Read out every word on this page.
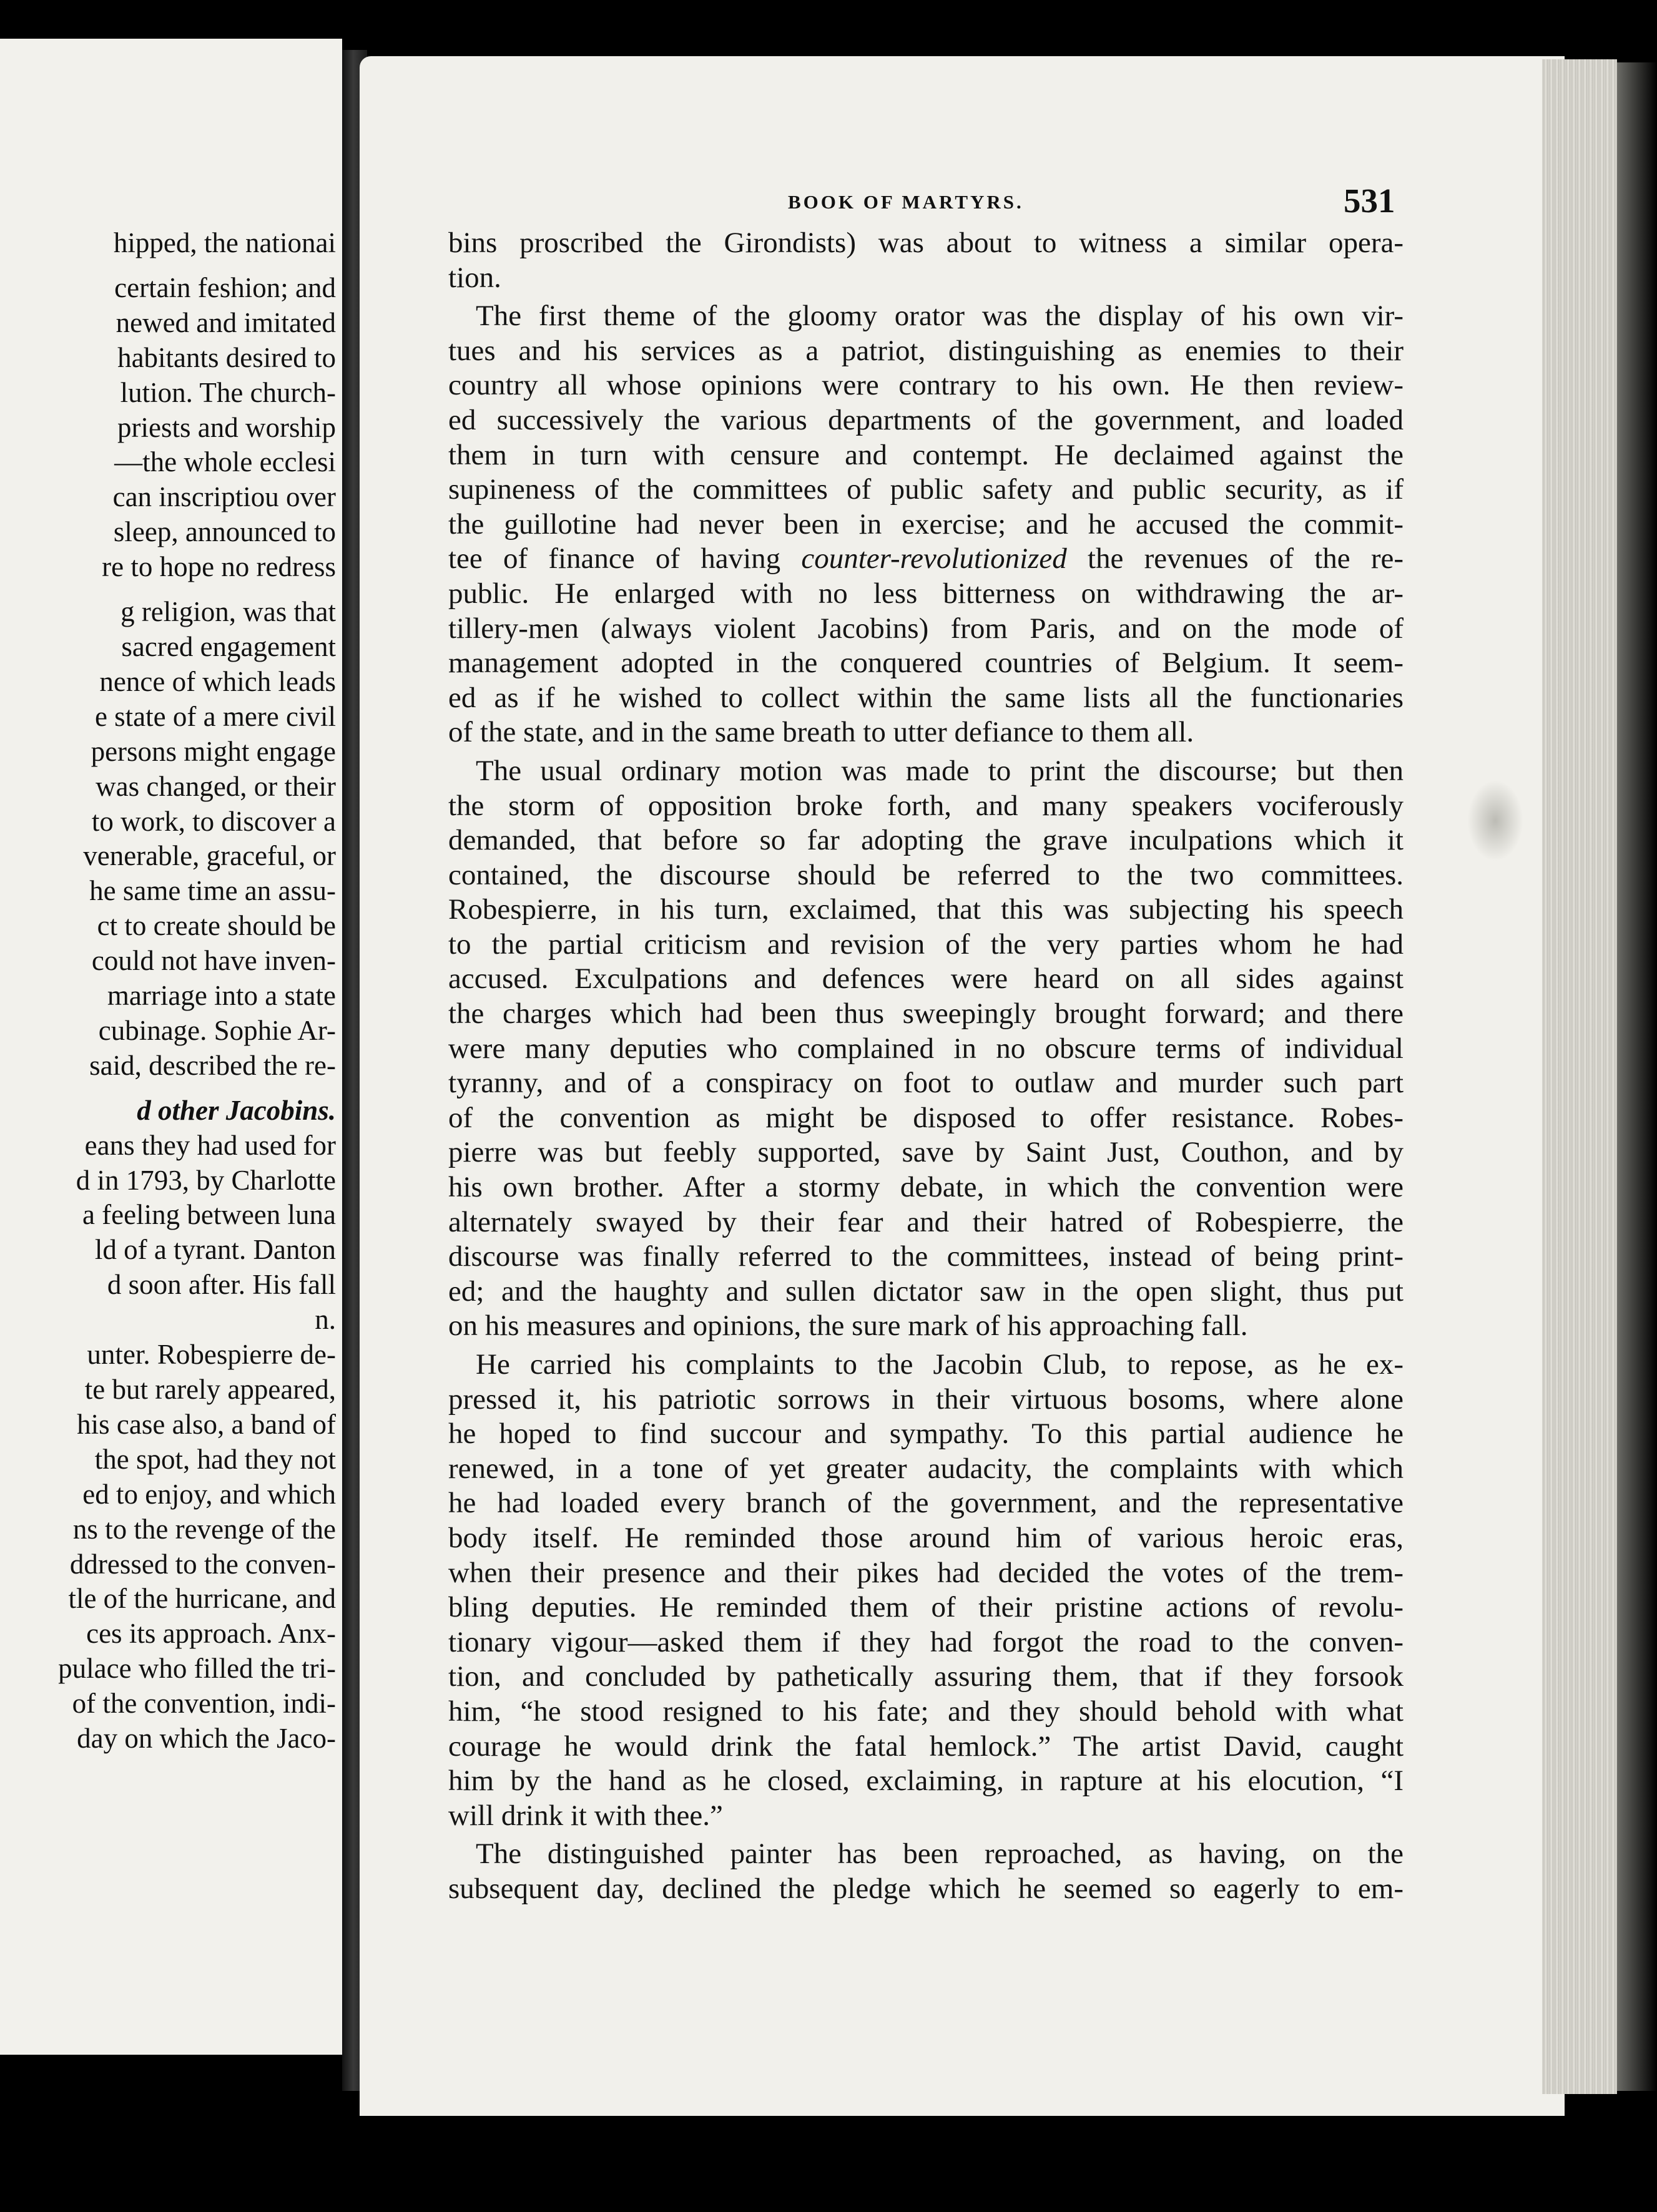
hipped, the nationai
certain feshion; and
newed and imitated
habitants desired to
lution. The church-
priests and worship
—the whole ecclesi
can inscriptiou over
sleep, announced to
re to hope no redress
g religion, was that
sacred engagement
nence of which leads
e state of a mere civil
persons might engage
was changed, or their
to work, to discover a
venerable, graceful, or
he same time an assu-
ct to create should be
could not have inven-
marriage into a state
cubinage. Sophie Ar-
said, described the re-
d other Jacobins.
eans they had used for
d in 1793, by Charlotte
a feeling between luna
ld of a tyrant. Danton
d soon after. His fall
n.
unter. Robespierre de-
te but rarely appeared,
his case also, a band of
the spot, had they not
ed to enjoy, and which
ns to the revenge of the
ddressed to the conven-
tle of the hurricane, and
ces its approach. Anx-
pulace who filled the tri-
of the convention, indi-
day on which the Jaco-
BOOK OF MARTYRS.	531
bins proscribed the Girondists) was about to witness a similar opera-
tion.
The first theme of the gloomy orator was the display of his own vir-
tues and his services as a patriot, distinguishing as enemies to their
country all whose opinions were contrary to his own. He then review-
ed successively the various departments of the government, and loaded
them in turn with censure and contempt. He declaimed against the
supineness of the committees of public safety and public security, as if
the guillotine had never been in exercise; and he accused the commit-
tee of finance of having counter-revolutionized the revenues of the re-
public. He enlarged with no less bitterness on withdrawing the ar-
tillery-men (always violent Jacobins) from Paris, and on the mode of
management adopted in the conquered countries of Belgium. It seem-
ed as if he wished to collect within the same lists all the functionaries
of the state, and in the same breath to utter defiance to them all.
The usual ordinary motion was made to print the discourse; but then
the storm of opposition broke forth, and many speakers vociferously
demanded, that before so far adopting the grave inculpations which it
contained, the discourse should be referred to the two committees.
Robespierre, in his turn, exclaimed, that this was subjecting his speech
to the partial criticism and revision of the very parties whom he had
accused. Exculpations and defences were heard on all sides against
the charges which had been thus sweepingly brought forward; and there
were many deputies who complained in no obscure terms of individual
tyranny, and of a conspiracy on foot to outlaw and murder such part
of the convention as might be disposed to offer resistance. Robes-
pierre was but feebly supported, save by Saint Just, Couthon, and by
his own brother. After a stormy debate, in which the convention were
alternately swayed by their fear and their hatred of Robespierre, the
discourse was finally referred to the committees, instead of being print-
ed; and the haughty and sullen dictator saw in the open slight, thus put
on his measures and opinions, the sure mark of his approaching fall.
He carried his complaints to the Jacobin Club, to repose, as he ex-
pressed it, his patriotic sorrows in their virtuous bosoms, where alone
he hoped to find succour and sympathy. To this partial audience he
renewed, in a tone of yet greater audacity, the complaints with which
he had loaded every branch of the government, and the representative
body itself. He reminded those around him of various heroic eras,
when their presence and their pikes had decided the votes of the trem-
bling deputies. He reminded them of their pristine actions of revolu-
tionary vigour—asked them if they had forgot the road to the conven-
tion, and concluded by pathetically assuring them, that if they forsook
him, “he stood resigned to his fate; and they should behold with what
courage he would drink the fatal hemlock.” The artist David, caught
him by the hand as he closed, exclaiming, in rapture at his elocution, “I
will drink it with thee.”
The distinguished painter has been reproached, as having, on the
subsequent day, declined the pledge which he seemed so eagerly to em-
